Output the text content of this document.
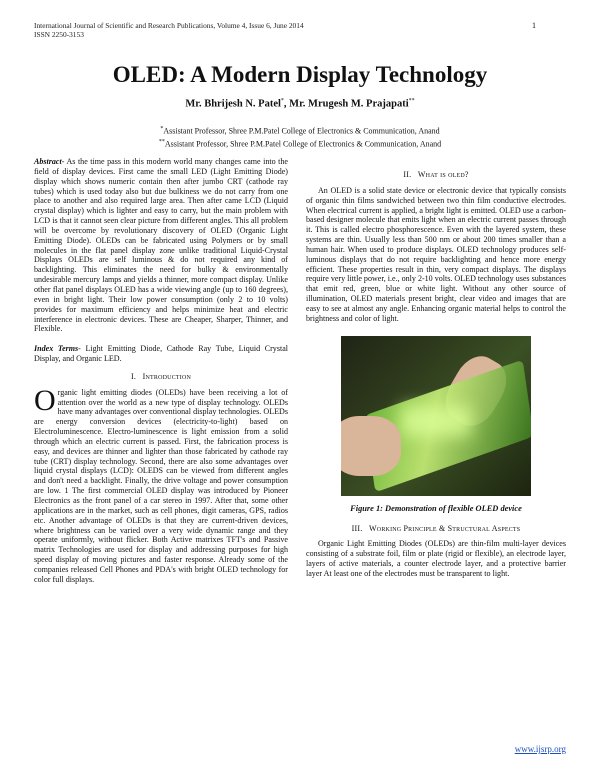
International Journal of Scientific and Research Publications, Volume 4, Issue 6, June 2014
ISSN 2250-3153
1
OLED: A Modern Display Technology
Mr. Bhrijesh N. Patel*, Mr. Mrugesh M. Prajapati**
*Assistant Professor, Shree P.M.Patel College of Electronics & Communication, Anand
**Assistant Professor, Shree P.M.Patel College of Electronics & Communication, Anand

Abstract- As the time pass in this modern world many changes came into the field of display devices. First came the small LED (Light Emitting Diode) display which shows numeric contain then after jumbo CRT (cathode ray tubes) which is used today also but due bulkiness we do not carry from one place to another and also required large area. Then after came LCD (Liquid crystal display) which is lighter and easy to carry, but the main problem with LCD is that it cannot seen clear picture from different angles. This all problem will be overcome by revolutionary discovery of OLED (Organic Light Emitting Diode). OLEDs can be fabricated using Polymers or by small molecules in the flat panel display zone unlike traditional Liquid-Crystal Displays OLEDs are self luminous & do not required any kind of backlighting. This eliminates the need for bulky & environmentally undesirable mercury lamps and yields a thinner, more compact display. Unlike other flat panel displays OLED has a wide viewing angle (up to 160 degrees), even in bright light. Their low power consumption (only 2 to 10 volts) provides for maximum efficiency and helps minimize heat and electric interference in electronic devices. These are Cheaper, Sharper, Thinner, and Flexible.

Index Terms- Light Emitting Diode, Cathode Ray Tube, Liquid Crystal Display, and Organic LED.

I. Introduction

Organic light emitting diodes (OLEDs) have been receiving a lot of attention over the world as a new type of display technology. OLEDs have many advantages over conventional display technologies. OLEDs are energy conversion devices (electricity-to-light) based on Electroluminescence. Electro-luminescence is light emission from a solid through which an electric current is passed. First, the fabrication process is easy, and devices are thinner and lighter than those fabricated by cathode ray tube (CRT) display technology. Second, there are also some advantages over liquid crystal displays (LCD): OLEDS can be viewed from different angles and don't need a backlight. Finally, the drive voltage and power consumption are low. 1 The first commercial OLED display was introduced by Pioneer Electronics as the front panel of a car stereo in 1997. After that, some other applications are in the market, such as cell phones, digit cameras, GPS, radios etc. Another advantage of OLEDs is that they are current-driven devices, where brightness can be varied over a very wide dynamic range and they operate uniformly, without flicker. Both Active matrixes TFT's and Passive matrix Technologies are used for display and addressing purposes for high speed display of moving pictures and faster response. Already some of the companies released Cell Phones and PDA's with bright OLED technology for color full displays.

II. What is oled?

An OLED is a solid state device or electronic device that typically consists of organic thin films sandwiched between two thin film conductive electrodes. When electrical current is applied, a bright light is emitted. OLED use a carbon-based designer molecule that emits light when an electric current passes through it. This is called electro phosphorescence. Even with the layered system, these systems are thin. Usually less than 500 nm or about 200 times smaller than a human hair. When used to produce displays. OLED technology produces self-luminous displays that do not require backlighting and hence more energy efficient. These properties result in thin, very compact displays. The displays require very little power, i.e., only 2-10 volts. OLED technology uses substances that emit red, green, blue or white light. Without any other source of illumination, OLED materials present bright, clear video and images that are easy to see at almost any angle. Enhancing organic material helps to control the brightness and color of light.

Figure 1: Demonstration of flexible OLED device
III. Working Principle & Structural Aspects

Organic Light Emitting Diodes (OLEDs) are thin-film multi-layer devices consisting of a substrate foil, film or plate (rigid or flexible), an electrode layer, layers of active materials, a counter electrode layer, and a protective barrier layer At least one of the electrodes must be transparent to light.

www.ijsrp.org
